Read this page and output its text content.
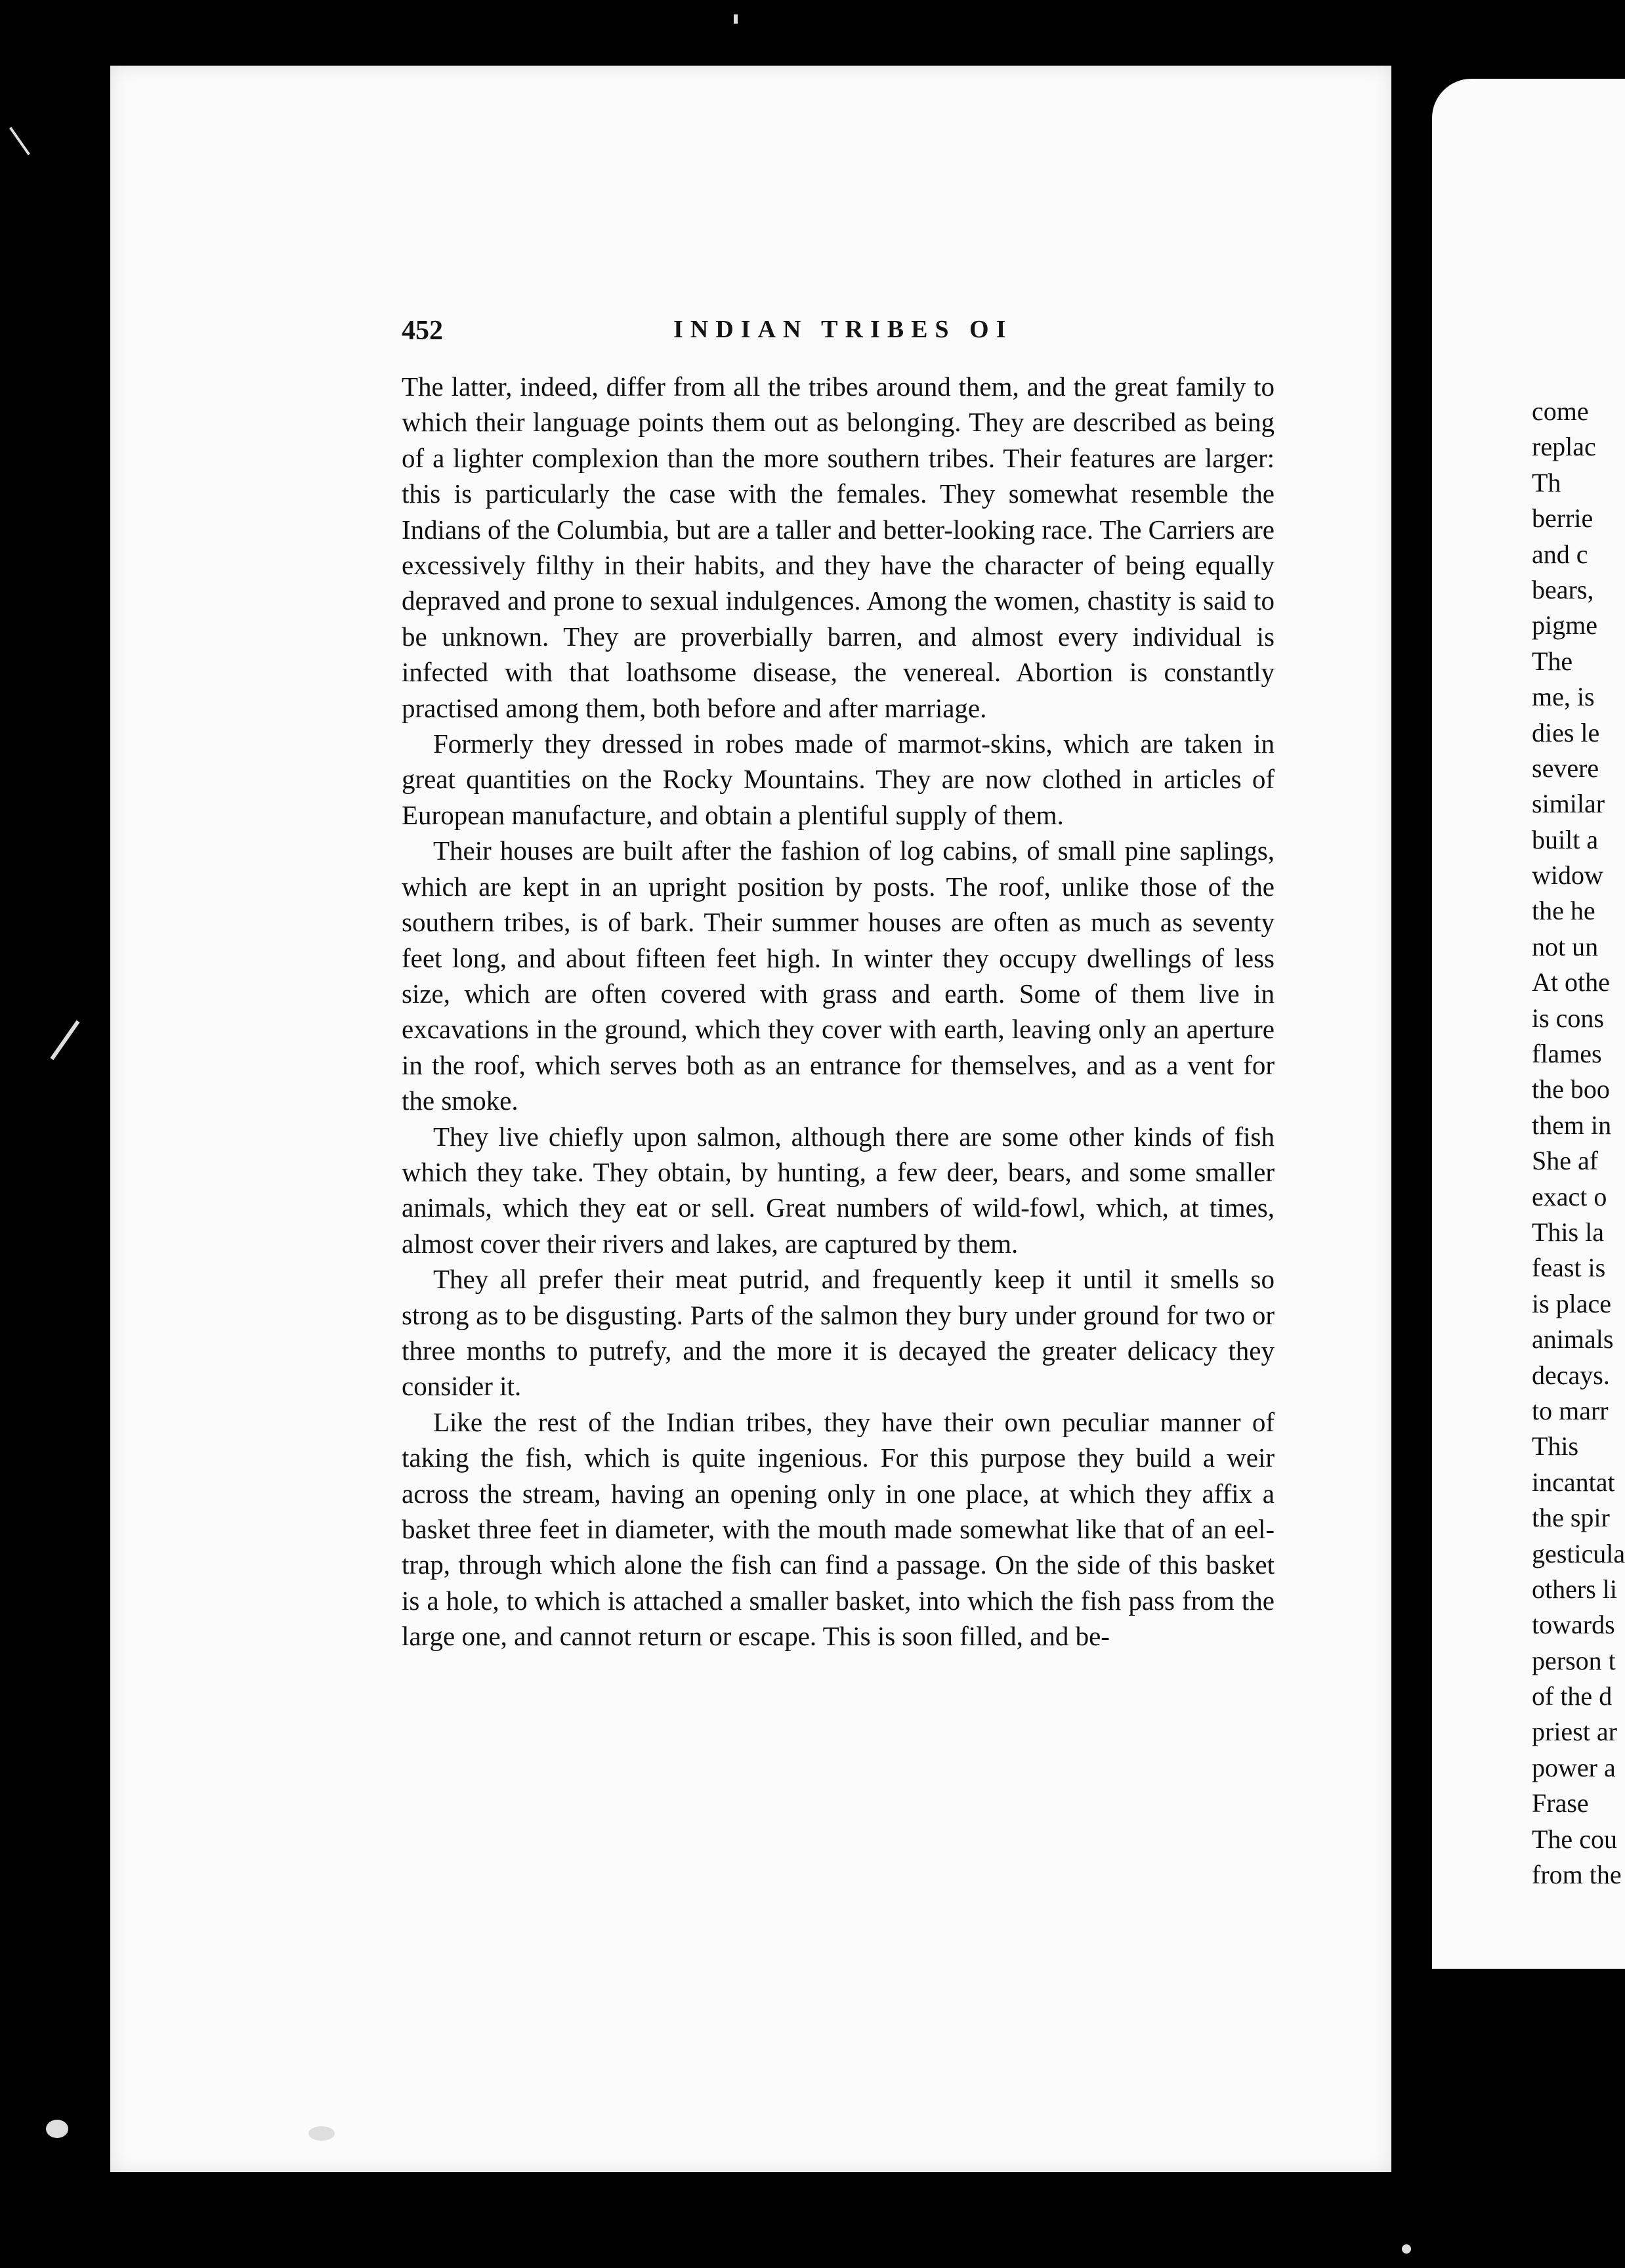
452	INDIAN TRIBES OI

The latter, indeed, differ from all the tribes around them, and the great family to which their language points them out as belonging. They are described as being of a lighter complexion than the more southern tribes. Their features are larger: this is particularly the case with the females. They somewhat resemble the Indians of the Columbia, but are a taller and better-looking race. The Carriers are excessively filthy in their habits, and they have the character of being equally depraved and prone to sexual indulgences. Among the women, chastity is said to be unknown. They are proverbially barren, and almost every individual is infected with that loathsome disease, the venereal. Abortion is constantly practised among them, both before and after marriage.

Formerly they dressed in robes made of marmot-skins, which are taken in great quantities on the Rocky Mountains. They are now clothed in articles of European manufacture, and obtain a plentiful supply of them.

Their houses are built after the fashion of log cabins, of small pine saplings, which are kept in an upright position by posts. The roof, unlike those of the southern tribes, is of bark. Their summer houses are often as much as seventy feet long, and about fifteen feet high. In winter they occupy dwellings of less size, which are often covered with grass and earth. Some of them live in excavations in the ground, which they cover with earth, leaving only an aperture in the roof, which serves both as an entrance for themselves, and as a vent for the smoke.

They live chiefly upon salmon, although there are some other kinds of fish which they take. They obtain, by hunting, a few deer, bears, and some smaller animals, which they eat or sell. Great numbers of wild-fowl, which, at times, almost cover their rivers and lakes, are captured by them.

They all prefer their meat putrid, and frequently keep it until it smells so strong as to be disgusting. Parts of the salmon they bury under ground for two or three months to putrefy, and the more it is decayed the greater delicacy they consider it.

Like the rest of the Indian tribes, they have their own peculiar manner of taking the fish, which is quite ingenious. For this purpose they build a weir across the stream, having an opening only in one place, at which they affix a basket three feet in diameter, with the mouth made somewhat like that of an eel-trap, through which alone the fish can find a passage. On the side of this basket is a hole, to which is attached a smaller basket, into which the fish pass from the large one, and cannot return or escape. This is soon filled, and be-

come
replac
Th
berrie
and c
bears,
pigme
The
me, is
dies le
severe
similar
built a
widow
the he
not un
At othe
is cons
flames
the boo
them in
She af
exact o
This la
feast is
is place
animals
decays.
to marr
This
incantat
the spir
gesticula
others li
towards
person t
of the d
priest ar
power a
Frase
The cou
from the
